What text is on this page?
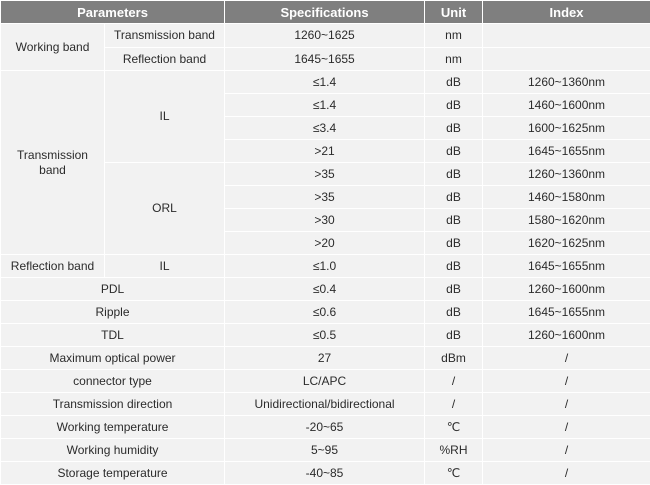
Parameters		Specifications	Unit	Index
Working band	Transmission band	1260~1625	nm	
	Reflection band	1645~1655	nm	
Transmission
band	IL	≤1.4	dB	1260~1360nm
		≤1.4	dB	1460~1600nm
		≤3.4	dB	1600~1625nm
		>21	dB	1645~1655nm
	ORL	>35	dB	1260~1360nm
		>35	dB	1460~1580nm
		>30	dB	1580~1620nm
		>20	dB	1620~1625nm
Reflection band	IL	≤1.0	dB	1645~1655nm
PDL		≤0.4	dB	1260~1600nm
Ripple		≤0.6	dB	1645~1655nm
TDL		≤0.5	dB	1260~1600nm
Maximum optical power		27	dBm	/
connector type		LC/APC	/	/
Transmission direction		Unidirectional/bidirectional	/	/
Working temperature		-20~65	℃	/
Working humidity		5~95	%RH	/
Storage temperature		-40~85	℃	/
